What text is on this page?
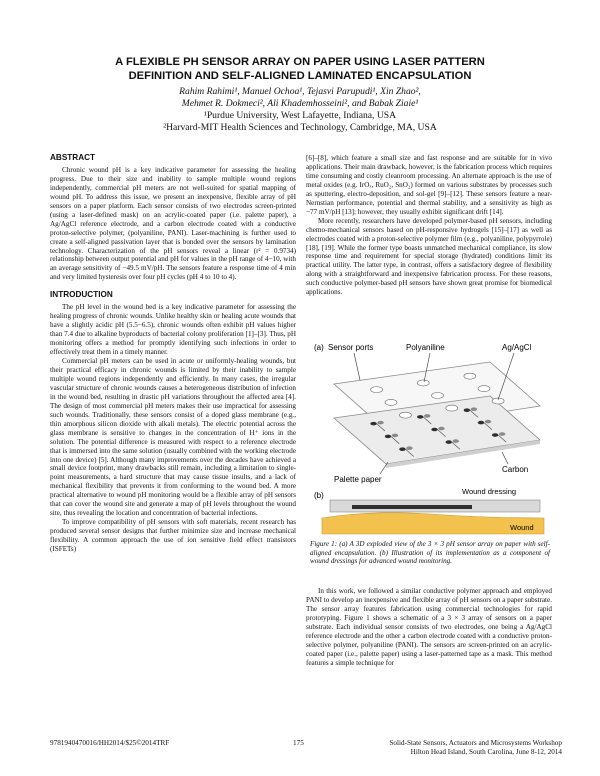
A FLEXIBLE PH SENSOR ARRAY ON PAPER USING LASER PATTERN
DEFINITION AND SELF-ALIGNED LAMINATED ENCAPSULATION
Rahim Rahimi¹, Manuel Ochoa¹, Tejasvi Parupudi¹, Xin Zhao²,
Mehmet R. Dokmeci², Ali Khademhosseini², and Babak Ziaie¹
¹Purdue University, West Lafayette, Indiana, USA
²Harvard-MIT Health Sciences and Technology, Cambridge, MA, USA
ABSTRACT

Chronic wound pH is a key indicative parameter for assessing the healing progress. Due to their size and inability to sample multiple wound regions independently, commercial pH meters are not well-suited for spatial mapping of wound pH. To address this issue, we present an inexpensive, flexible array of pH sensors on a paper platform. Each sensor consists of two electrodes screen-printed (using a laser-defined mask) on an acrylic-coated paper (i.e. palette paper), a Ag/AgCl reference electrode, and a carbon electrode coated with a conductive proton-selective polymer, (polyaniline, PANI). Laser-machining is further used to create a self-aligned passivation layer that is bonded over the sensors by lamination technology. Characterization of the pH sensors reveal a linear (r² = 0.9734) relationship between output potential and pH for values in the pH range of 4−10, with an average sensitivity of −49.5 mV/pH. The sensors feature a response time of 4 min and very limited hysteresis over four pH cycles (pH 4 to 10 to 4).

INTRODUCTION

The pH level in the wound bed is a key indicative parameter for assessing the healing progress of chronic wounds. Unlike healthy skin or healing acute wounds that have a slightly acidic pH (5.5−6.5), chronic wounds often exhibit pH values higher than 7.4 due to alkaline byproducts of bacterial colony proliferation [1]–[3]. Thus, pH monitoring offers a method for promptly identifying such infections in order to effectively treat them in a timely manner.

Commercial pH meters can be used in acute or uniformly-healing wounds, but their practical efficacy in chronic wounds is limited by their inability to sample multiple wound regions independently and efficiently. In many cases, the irregular vascular structure of chronic wounds causes a heterogeneous distribution of infection in the wound bed, resulting in drastic pH variations throughout the affected area [4]. The design of most commercial pH meters makes their use impractical for assessing such wounds. Traditionally, these sensors consist of a doped glass membrane (e.g., thin amorphous silicon dioxide with alkali metals). The electric potential across the glass membrane is sensitive to changes in the concentration of H⁺ ions in the solution. The potential difference is measured with respect to a reference electrode that is immersed into the same solution (usually combined with the working electrode into one device) [5]. Although many improvements over the decades have achieved a small device footprint, many drawbacks still remain, including a limitation to single-point measurements, a hard structure that may cause tissue insults, and a lack of mechanical flexibility that prevents it from conforming to the wound bed. A more practical alternative to wound pH monitoring would be a flexible array of pH sensors that can cover the wound site and generate a map of pH levels throughout the wound site, thus revealing the location and concentration of bacterial infections.

To improve compatibility of pH sensors with soft materials, recent research has produced several sensor designs that further minimize size and increase mechanical flexibility. A common approach the use of ion sensitive field effect transistors (ISFETs)

[6]–[8], which feature a small size and fast response and are suitable for in vivo applications. Their main drawback, however, is the fabrication process which requires time consuming and costly cleanroom processing. An alternate approach is the use of metal oxides (e.g. IrOₓ, RuO₂, SnO₂) formed on various substrates by processes such as sputtering, electro-deposition, and sol-gel [9]–[12]. These sensors feature a near-Nernstian performance, potential and thermal stability, and a sensitivity as high as −77 mV/pH [13]; however, they usually exhibit significant drift [14].

More recently, researchers have developed polymer-based pH sensors, including chemo-mechanical sensors based on pH-responsive hydrogels [15]–[17] as well as electrodes coated with a proton-selective polymer film (e.g., polyaniline, polypyrrole) [18], [19]. While the former type boasts unmatched mechanical compliance, its slow response time and requirement for special storage (hydrated) conditions limit its practical utility. The latter type, in contrast, offers a satisfactory degree of flexibility along with a straightforward and inexpensive fabrication process. For these reasons, such conductive polymer-based pH sensors have shown great promise for biomedical applications.

(a) Sensor ports	Polyaniline	Ag/AgCl
Palette paper
Carbon
(b)	Wound dressing
Wound
Figure 1: (a) A 3D exploded view of the 3 × 3 pH sensor array on paper with self-aligned encapsulation. (b) Illustration of its implementation as a component of wound dressings for advanced wound monitoring.

In this work, we followed a similar conductive polymer approach and employed PANI to develop an inexpensive and flexible array of pH sensors on a paper substrate. The sensor array features fabrication using commercial technologies for rapid prototyping. Figure 1 shows a schematic of a 3 × 3 array of sensors on a paper substrate. Each individual sensor consists of two electrodes, one being a Ag/AgCl reference electrode and the other a carbon electrode coated with a conductive proton-selective polymer, polyaniline (PANI). The sensors are screen-printed on an acrylic-coated paper (i.e., palette paper) using a laser-patterned tape as a mask. This method features a simple technique for

9781940470016/HH2014/$25©2014TRF	175	Solid-State Sensors, Actuators and Microsystems Workshop
Hilton Head Island, South Carolina, June 8-12, 2014
